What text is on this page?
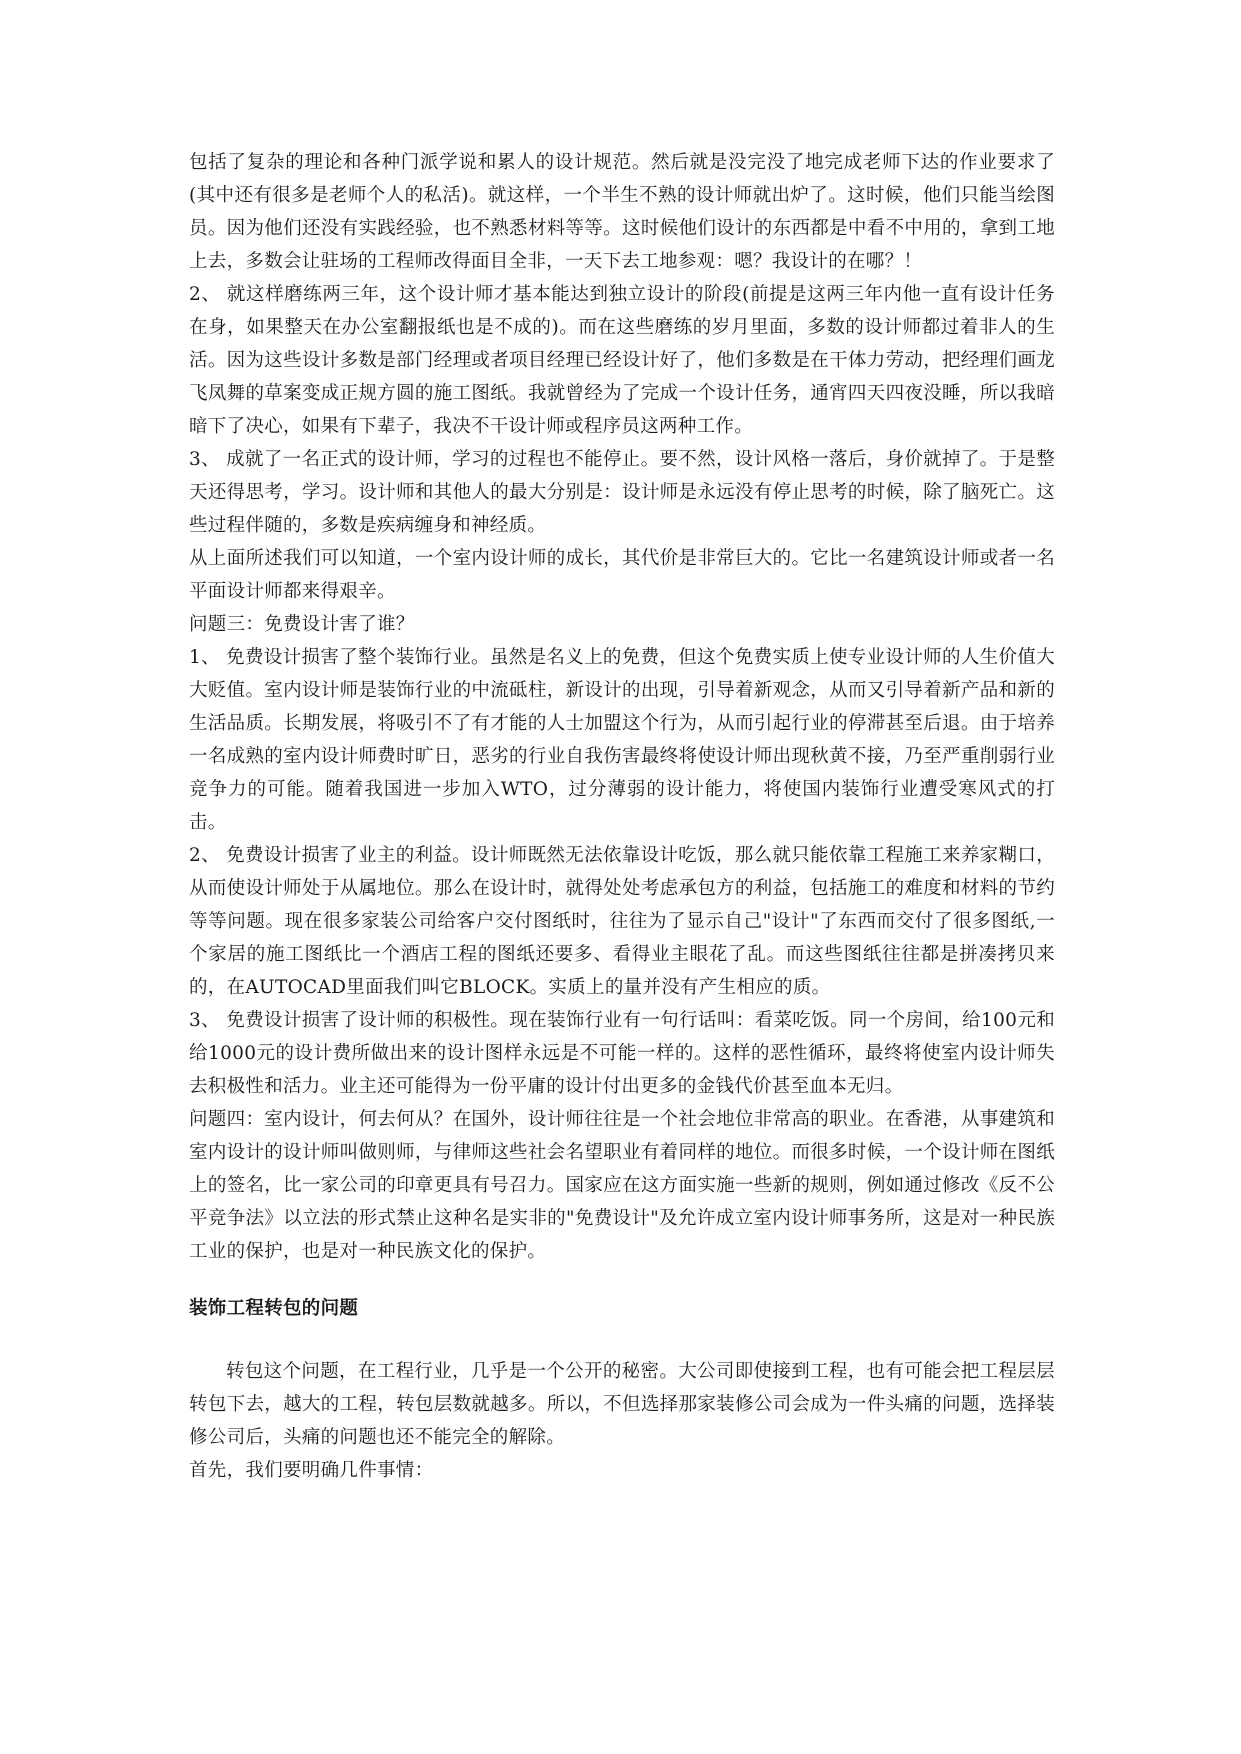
包括了复杂的理论和各种门派学说和累人的设计规范。然后就是没完没了地完成老师下达的作业要求了(其中还有很多是老师个人的私活)。就这样，一个半生不熟的设计师就出炉了。这时候，他们只能当绘图员。因为他们还没有实践经验，也不熟悉材料等等。这时候他们设计的东西都是中看不中用的，拿到工地上去，多数会让驻场的工程师改得面目全非，一天下去工地参观：嗯？我设计的在哪？！

2、 就这样磨练两三年，这个设计师才基本能达到独立设计的阶段(前提是这两三年内他一直有设计任务在身，如果整天在办公室翻报纸也是不成的)。而在这些磨练的岁月里面，多数的设计师都过着非人的生活。因为这些设计多数是部门经理或者项目经理已经设计好了，他们多数是在干体力劳动，把经理们画龙飞凤舞的草案变成正规方圆的施工图纸。我就曾经为了完成一个设计任务，通宵四天四夜没睡，所以我暗暗下了决心，如果有下辈子，我决不干设计师或程序员这两种工作。

3、 成就了一名正式的设计师，学习的过程也不能停止。要不然，设计风格一落后，身价就掉了。于是整天还得思考，学习。设计师和其他人的最大分别是：设计师是永远没有停止思考的时候，除了脑死亡。这些过程伴随的，多数是疾病缠身和神经质。

从上面所述我们可以知道，一个室内设计师的成长，其代价是非常巨大的。它比一名建筑设计师或者一名平面设计师都来得艰辛。

问题三：免费设计害了谁？

1、 免费设计损害了整个装饰行业。虽然是名义上的免费，但这个免费实质上使专业设计师的人生价值大大贬值。室内设计师是装饰行业的中流砥柱，新设计的出现，引导着新观念，从而又引导着新产品和新的生活品质。长期发展，将吸引不了有才能的人士加盟这个行为，从而引起行业的停滞甚至后退。由于培养一名成熟的室内设计师费时旷日，恶劣的行业自我伤害最终将使设计师出现秋黄不接，乃至严重削弱行业竞争力的可能。随着我国进一步加入WTO，过分薄弱的设计能力，将使国内装饰行业遭受寒风式的打击。

2、 免费设计损害了业主的利益。设计师既然无法依靠设计吃饭，那么就只能依靠工程施工来养家糊口，从而使设计师处于从属地位。那么在设计时，就得处处考虑承包方的利益，包括施工的难度和材料的节约等等问题。现在很多家装公司给客户交付图纸时，往往为了显示自己"设计"了东西而交付了很多图纸,一个家居的施工图纸比一个酒店工程的图纸还要多、看得业主眼花了乱。而这些图纸往往都是拼凑拷贝来的，在AUTOCAD里面我们叫它BLOCK。实质上的量并没有产生相应的质。

3、 免费设计损害了设计师的积极性。现在装饰行业有一句行话叫：看菜吃饭。同一个房间，给100元和给1000元的设计费所做出来的设计图样永远是不可能一样的。这样的恶性循环，最终将使室内设计师失去积极性和活力。业主还可能得为一份平庸的设计付出更多的金钱代价甚至血本无归。

问题四：室内设计，何去何从？在国外，设计师往往是一个社会地位非常高的职业。在香港，从事建筑和室内设计的设计师叫做则师，与律师这些社会名望职业有着同样的地位。而很多时候，一个设计师在图纸上的签名，比一家公司的印章更具有号召力。国家应在这方面实施一些新的规则，例如通过修改《反不公平竞争法》以立法的形式禁止这种名是实非的"免费设计"及允许成立室内设计师事务所，这是对一种民族工业的保护，也是对一种民族文化的保护。

装饰工程转包的问题

转包这个问题，在工程行业，几乎是一个公开的秘密。大公司即使接到工程，也有可能会把工程层层转包下去，越大的工程，转包层数就越多。所以，不但选择那家装修公司会成为一件头痛的问题，选择装修公司后，头痛的问题也还不能完全的解除。

首先，我们要明确几件事情：
